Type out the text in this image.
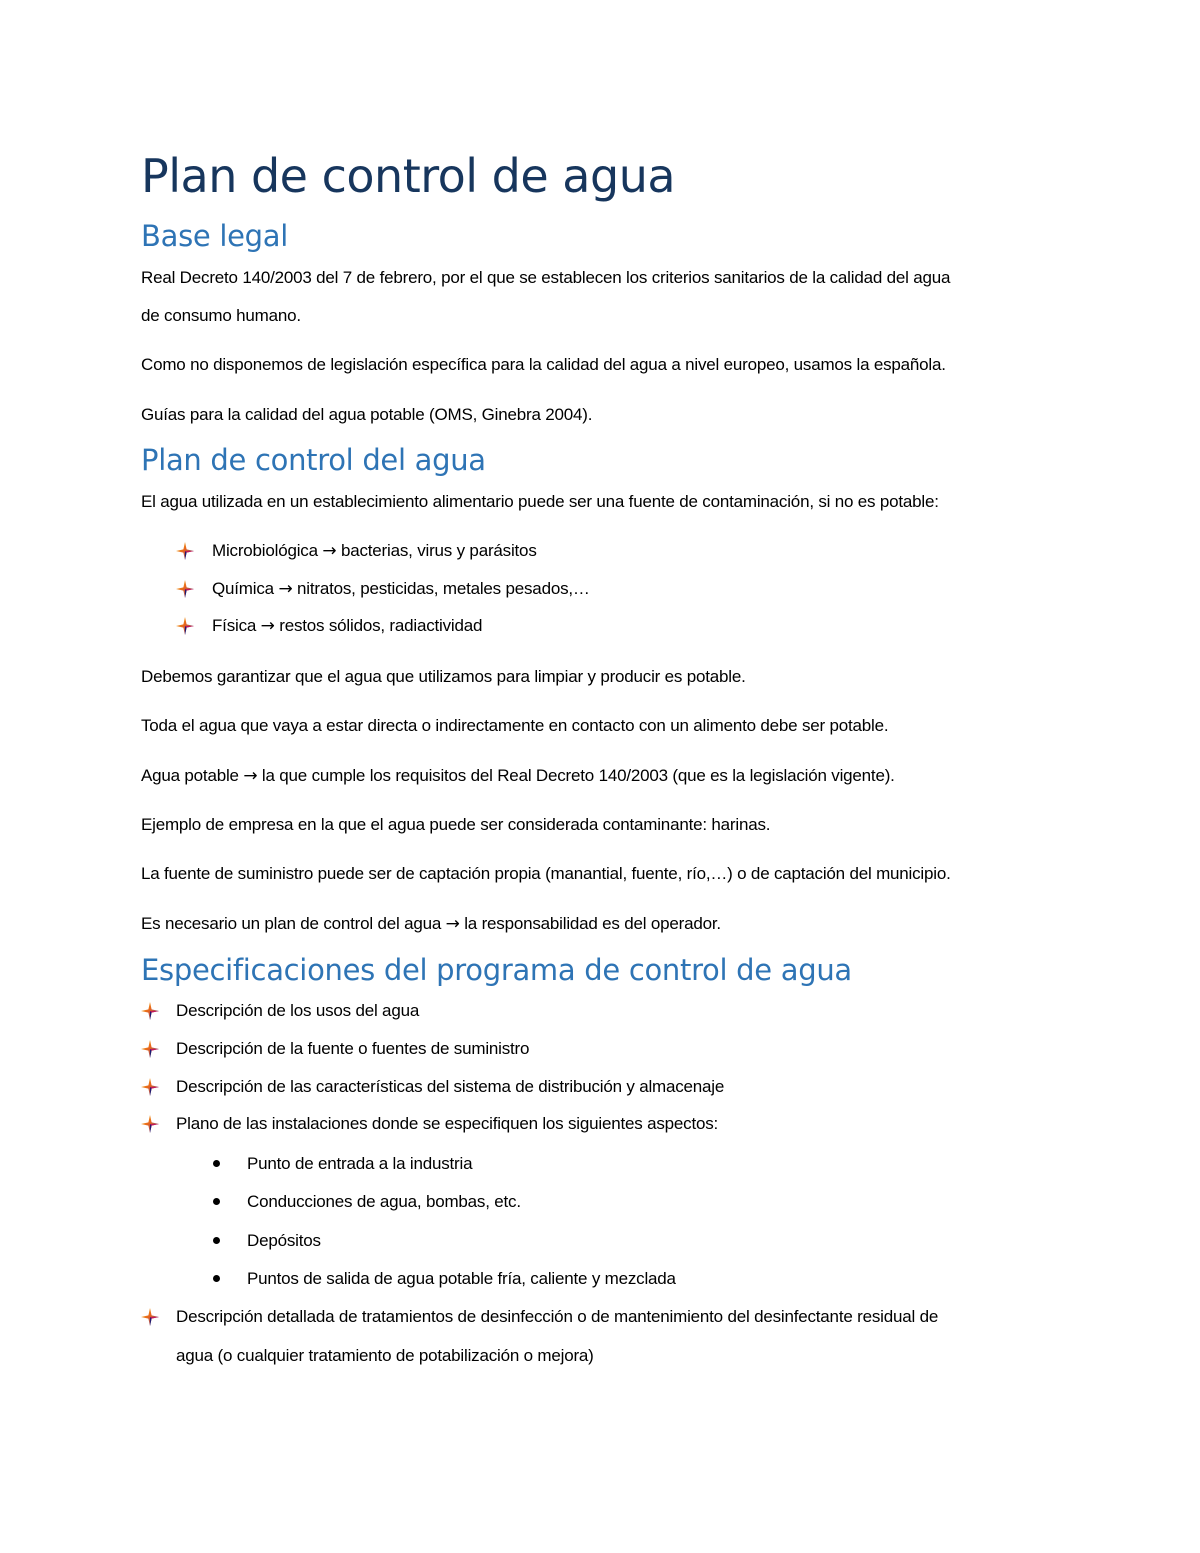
Plan de control de agua
Base legal

Real Decreto 140/2003 del 7 de febrero, por el que se establecen los criterios sanitarios de la calidad del agua

de consumo humano.

Como no disponemos de legislación específica para la calidad del agua a nivel europeo, usamos la española.

Guías para la calidad del agua potable (OMS, Ginebra 2004).

Plan de control del agua

El agua utilizada en un establecimiento alimentario puede ser una fuente de contaminación, si no es potable:

Microbiológica → bacterias, virus y parásitos

Química → nitratos, pesticidas, metales pesados,…

Física → restos sólidos, radiactividad

Debemos garantizar que el agua que utilizamos para limpiar y producir es potable.

Toda el agua que vaya a estar directa o indirectamente en contacto con un alimento debe ser potable.

Agua potable → la que cumple los requisitos del Real Decreto 140/2003 (que es la legislación vigente).

Ejemplo de empresa en la que el agua puede ser considerada contaminante: harinas.

La fuente de suministro puede ser de captación propia (manantial, fuente, río,…) o de captación del municipio.

Es necesario un plan de control del agua → la responsabilidad es del operador.

Especificaciones del programa de control de agua

Descripción de los usos del agua

Descripción de la fuente o fuentes de suministro

Descripción de las características del sistema de distribución y almacenaje

Plano de las instalaciones donde se especifiquen los siguientes aspectos:

Punto de entrada a la industria

Conducciones de agua, bombas, etc.

Depósitos

Puntos de salida de agua potable fría, caliente y mezclada

Descripción detallada de tratamientos de desinfección o de mantenimiento del desinfectante residual de

agua (o cualquier tratamiento de potabilización o mejora)
